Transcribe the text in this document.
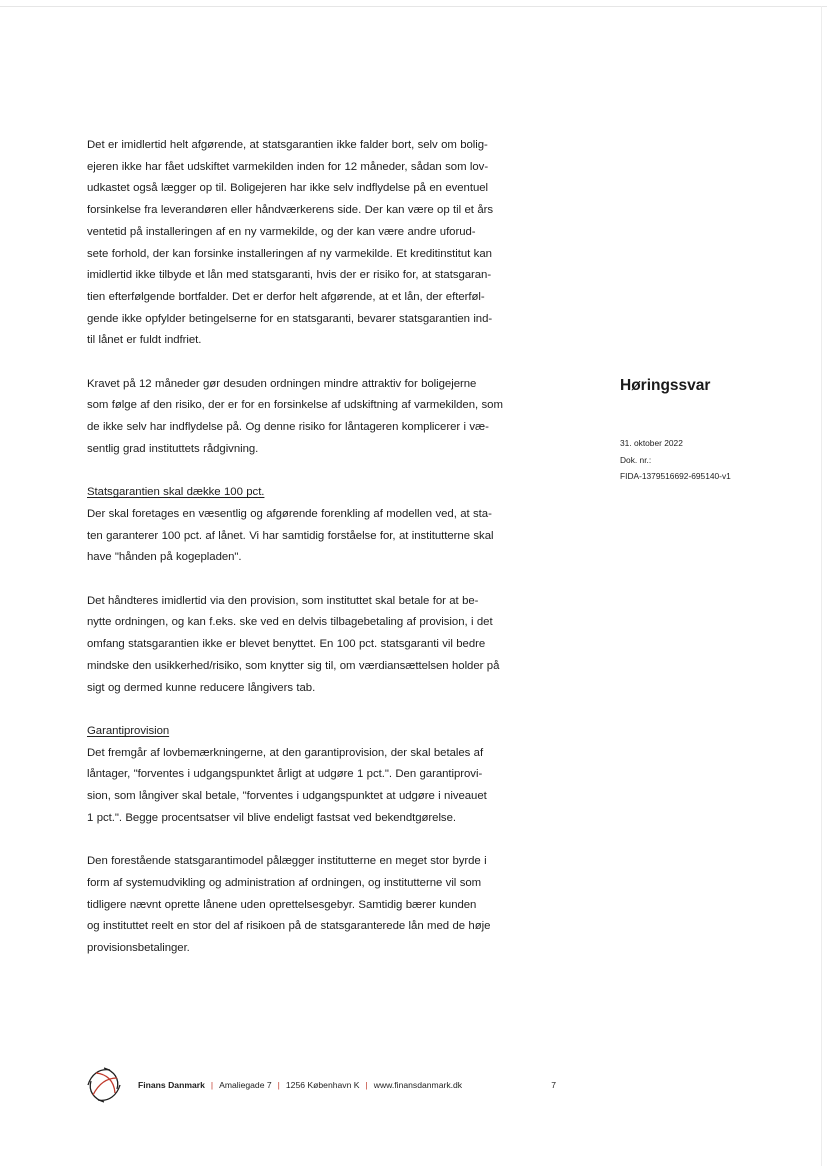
Det er imidlertid helt afgørende, at statsgarantien ikke falder bort, selv om bolig-
ejeren ikke har fået udskiftet varmekilden inden for 12 måneder, sådan som lov-
udkastet også lægger op til. Boligejeren har ikke selv indflydelse på en eventuel
forsinkelse fra leverandøren eller håndværkerens side. Der kan være op til et års
ventetid på installeringen af en ny varmekilde, og der kan være andre uforud-
sete forhold, der kan forsinke installeringen af ny varmekilde. Et kreditinstitut kan
imidlertid ikke tilbyde et lån med statsgaranti, hvis der er risiko for, at statsgaran-
tien efterfølgende bortfalder. Det er derfor helt afgørende, at et lån, der efterføl-
gende ikke opfylder betingelserne for en statsgaranti, bevarer statsgarantien ind-
til lånet er fuldt indfriet.

Kravet på 12 måneder gør desuden ordningen mindre attraktiv for boligejerne
som følge af den risiko, der er for en forsinkelse af udskiftning af varmekilden, som
de ikke selv har indflydelse på. Og denne risiko for låntageren komplicerer i væ-
sentlig grad instituttets rådgivning.

Statsgarantien skal dække 100 pct.
Der skal foretages en væsentlig og afgørende forenkling af modellen ved, at sta-
ten garanterer 100 pct. af lånet. Vi har samtidig forståelse for, at institutterne skal
have "hånden på kogepladen".

Det håndteres imidlertid via den provision, som instituttet skal betale for at be-
nytte ordningen, og kan f.eks. ske ved en delvis tilbagebetaling af provision, i det
omfang statsgarantien ikke er blevet benyttet. En 100 pct. statsgaranti vil bedre
mindske den usikkerhed/risiko, som knytter sig til, om værdiansættelsen holder på
sigt og dermed kunne reducere långivers tab.

Garantiprovision
Det fremgår af lovbemærkningerne, at den garantiprovision, der skal betales af
låntager, "forventes i udgangspunktet årligt at udgøre 1 pct.". Den garantiprovi-
sion, som långiver skal betale, "forventes i udgangspunktet at udgøre i niveauet
1 pct.". Begge procentsatser vil blive endeligt fastsat ved bekendtgørelse.

Den forestående statsgarantimodel pålægger institutterne en meget stor byrde i
form af systemudvikling og administration af ordningen, og institutterne vil som
tidligere nævnt oprette lånene uden oprettelsesgebyr. Samtidig bærer kunden
og instituttet reelt en stor del af risikoen på de statsgaranterede lån med de høje
provisionsbetalinger.

Høringssvar
31. oktober 2022
Dok. nr.:
FIDA-1379516692-695140-v1
Finans Danmark | Amaliegade 7 | 1256 København K | www.finansdanmark.dk	7
